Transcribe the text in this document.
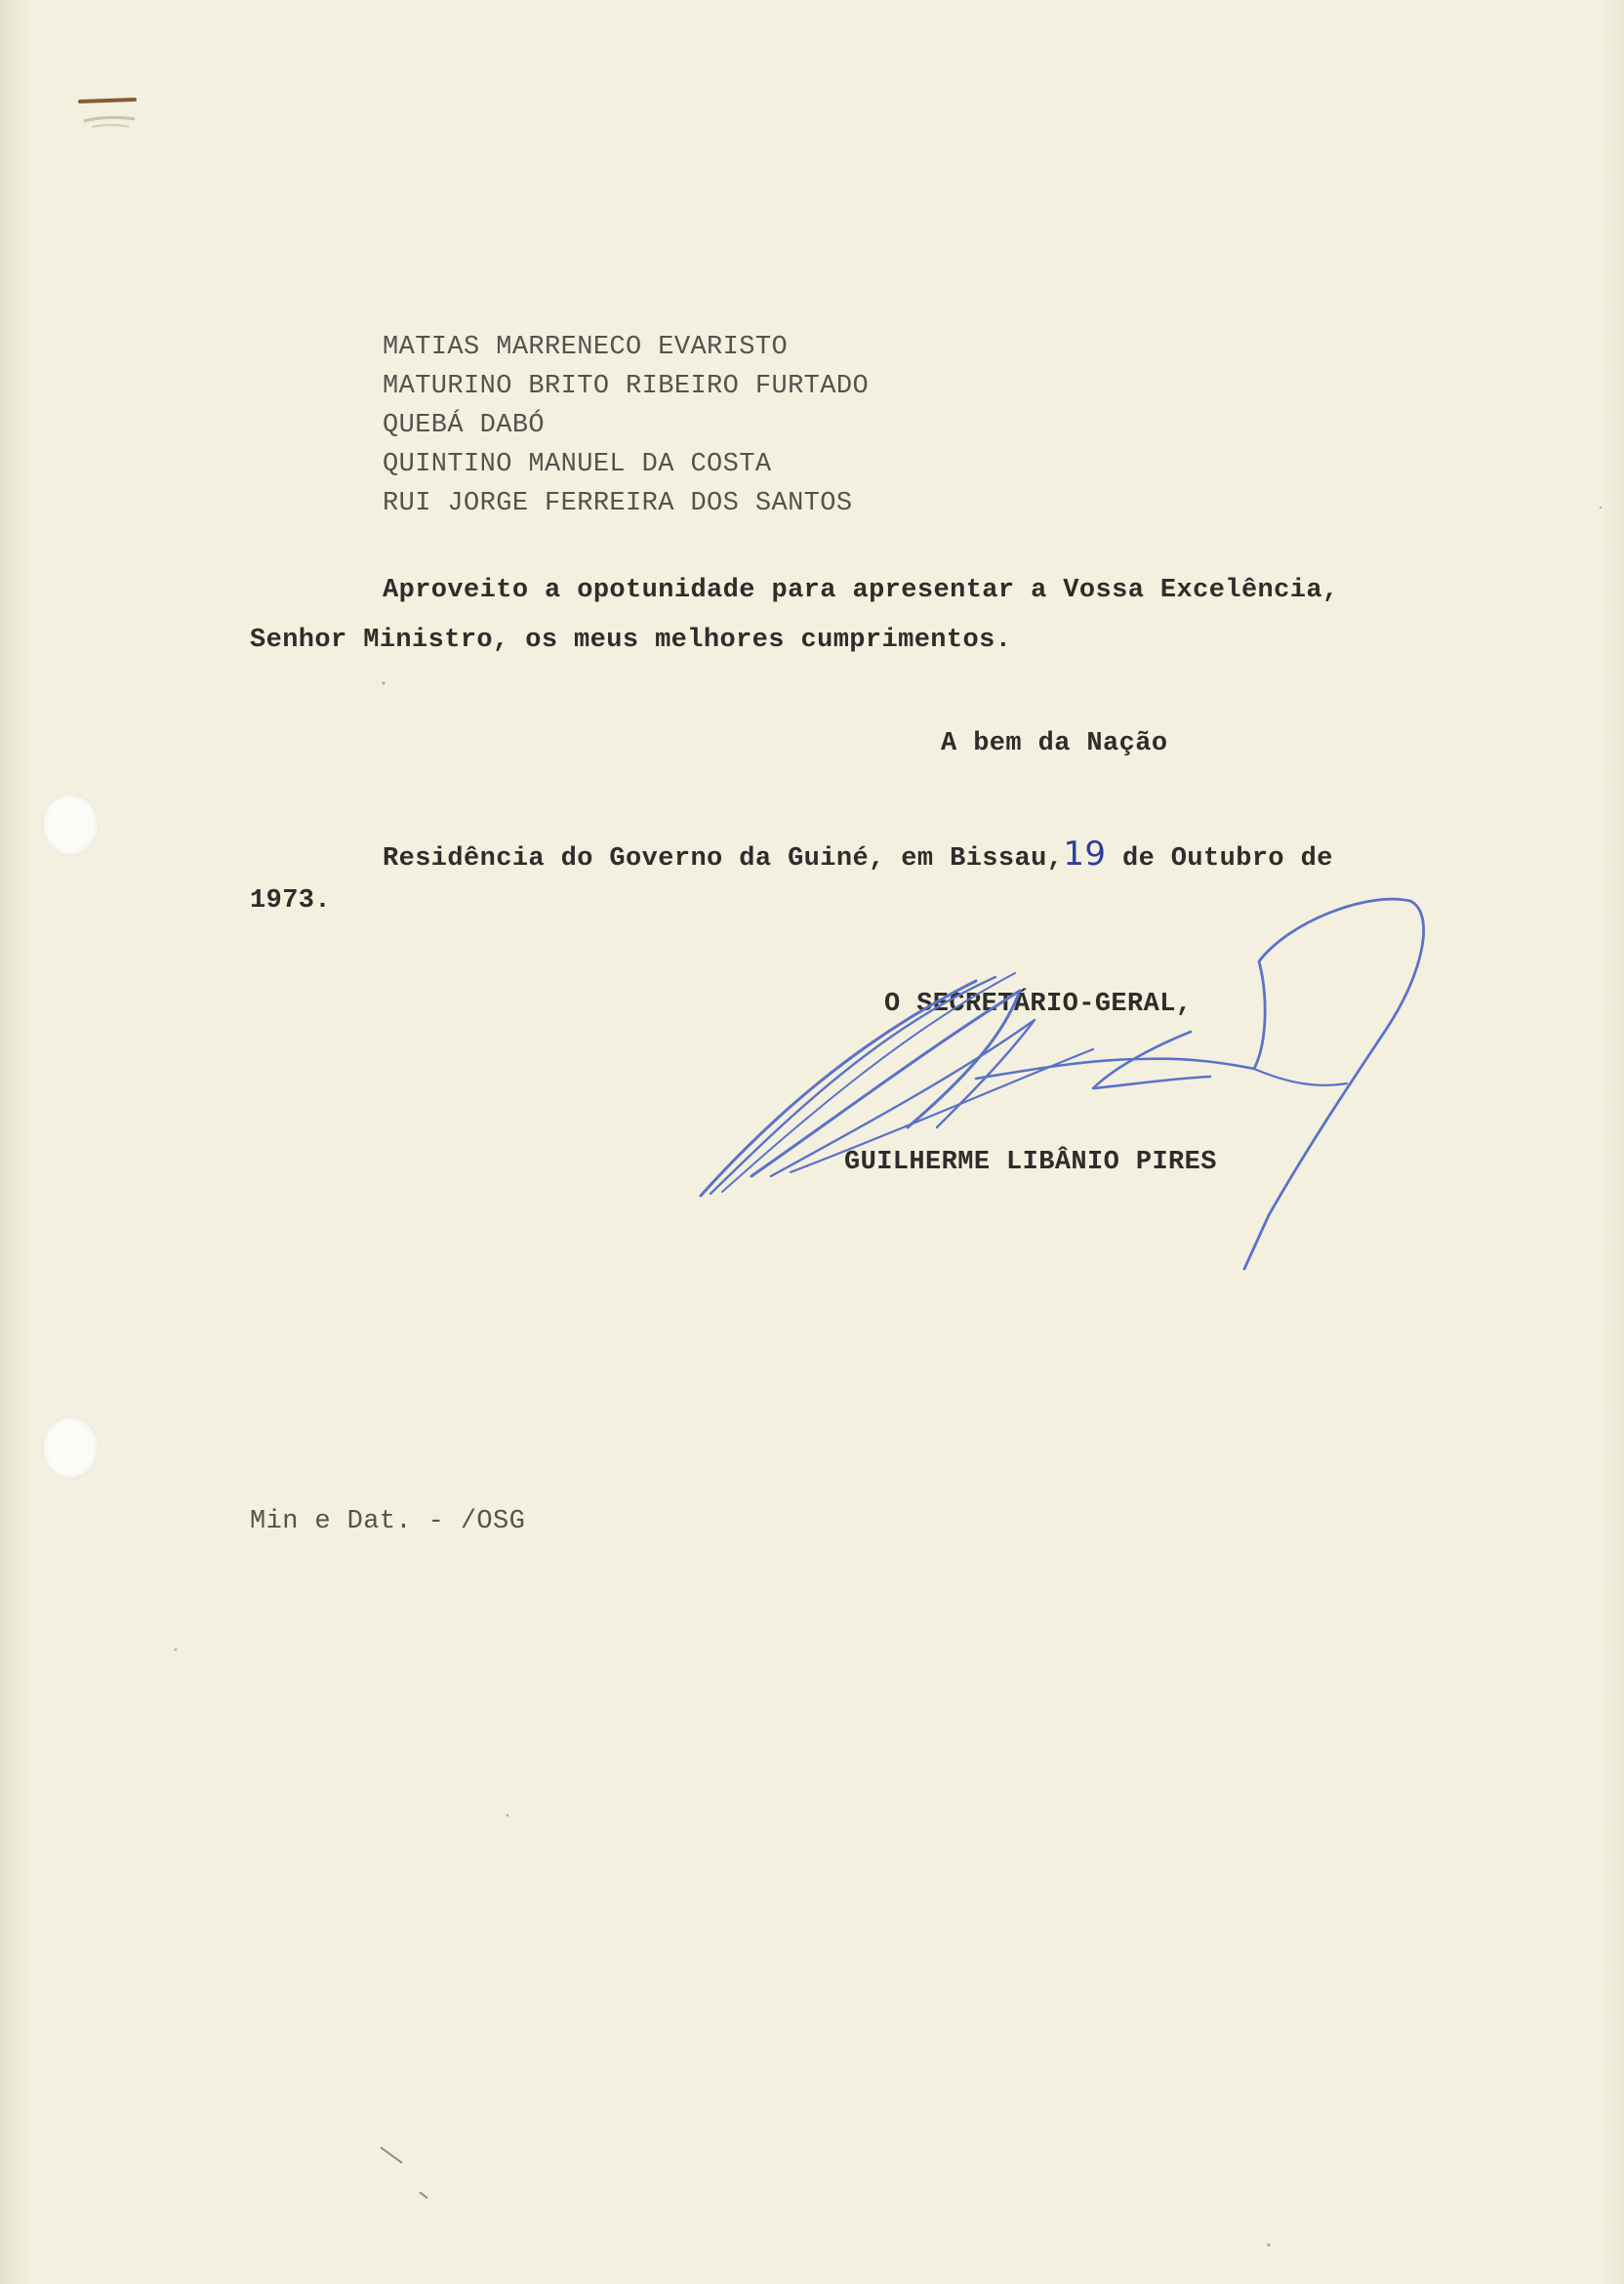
MATIAS MARRENECO EVARISTO
MATURINO BRITO RIBEIRO FURTADO
QUEBÁ DABÓ
QUINTINO MANUEL DA COSTA
RUI JORGE FERREIRA DOS SANTOS
Aproveito a opotunidade para apresentar a Vossa Excelência,
Senhor Ministro, os meus melhores cumprimentos.
A bem da Nação
Residência do Governo da Guiné, em Bissau,19 de Outubro de
1973.
O SECRETÁRIO-GERAL,
GUILHERME LIBÂNIO PIRES
Min e Dat. - /OSG
